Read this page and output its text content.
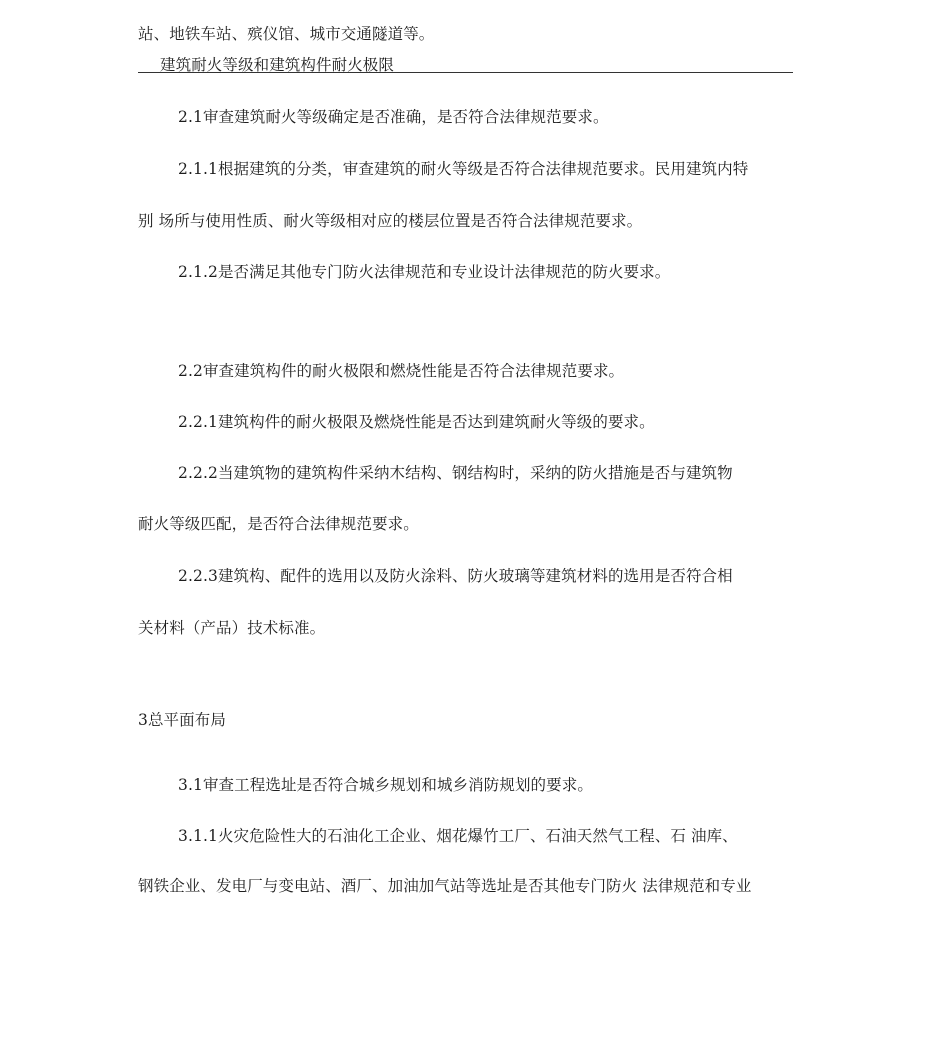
站、地铁车站、殡仪馆、城市交通隧道等。
建筑耐火等级和建筑构件耐火极限
2.1审查建筑耐火等级确定是否准确，是否符合法律规范要求。
2.1.1根据建筑的分类，审查建筑的耐火等级是否符合法律规范要求。民用建筑内特
别 场所与使用性质、耐火等级相对应的楼层位置是否符合法律规范要求。
2.1.2是否满足其他专门防火法律规范和专业设计法律规范的防火要求。
2.2审查建筑构件的耐火极限和燃烧性能是否符合法律规范要求。
2.2.1建筑构件的耐火极限及燃烧性能是否达到建筑耐火等级的要求。
2.2.2当建筑物的建筑构件采纳木结构、钢结构时，采纳的防火措施是否与建筑物
耐火等级匹配，是否符合法律规范要求。
2.2.3建筑构、配件的选用以及防火涂料、防火玻璃等建筑材料的选用是否符合相
关材料（产品）技术标准。
3总平面布局
3.1审查工程选址是否符合城乡规划和城乡消防规划的要求。
3.1.1火灾危险性大的石油化工企业、烟花爆竹工厂、石油天然气工程、石 油库、
钢铁企业、发电厂与变电站、酒厂、加油加气站等选址是否其他专门防火 法律规范和专业
